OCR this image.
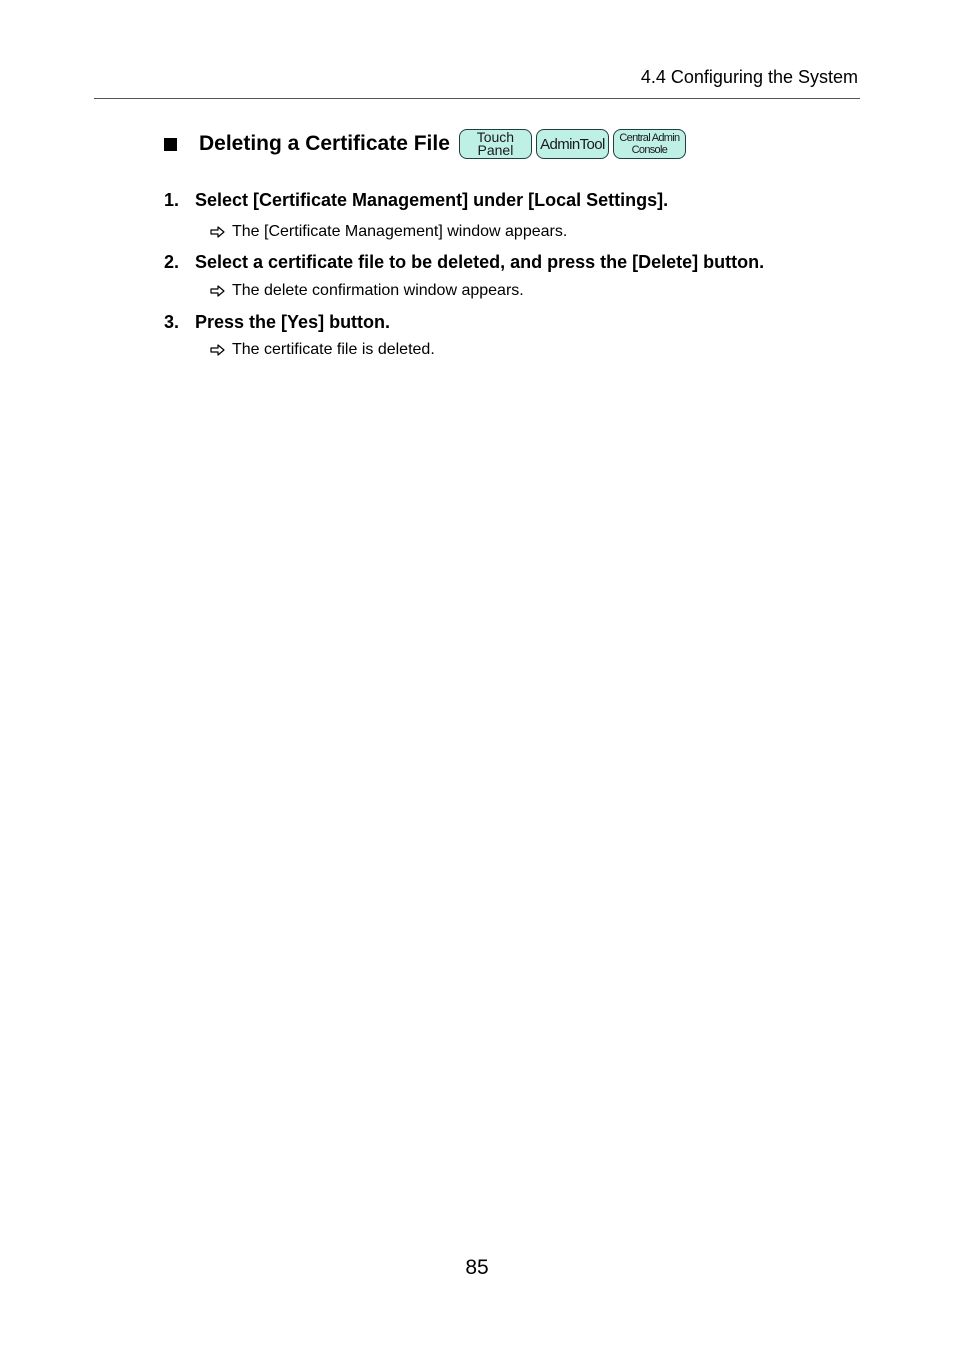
4.4 Configuring the System
Deleting a Certificate File Touch
Panel AdminTool Central Admin
Console
1. Select [Certificate Management] under [Local Settings].
The [Certificate Management] window appears.
2. Select a certificate file to be deleted, and press the [Delete] button.
The delete confirmation window appears.
3. Press the [Yes] button.
The certificate file is deleted.
85
